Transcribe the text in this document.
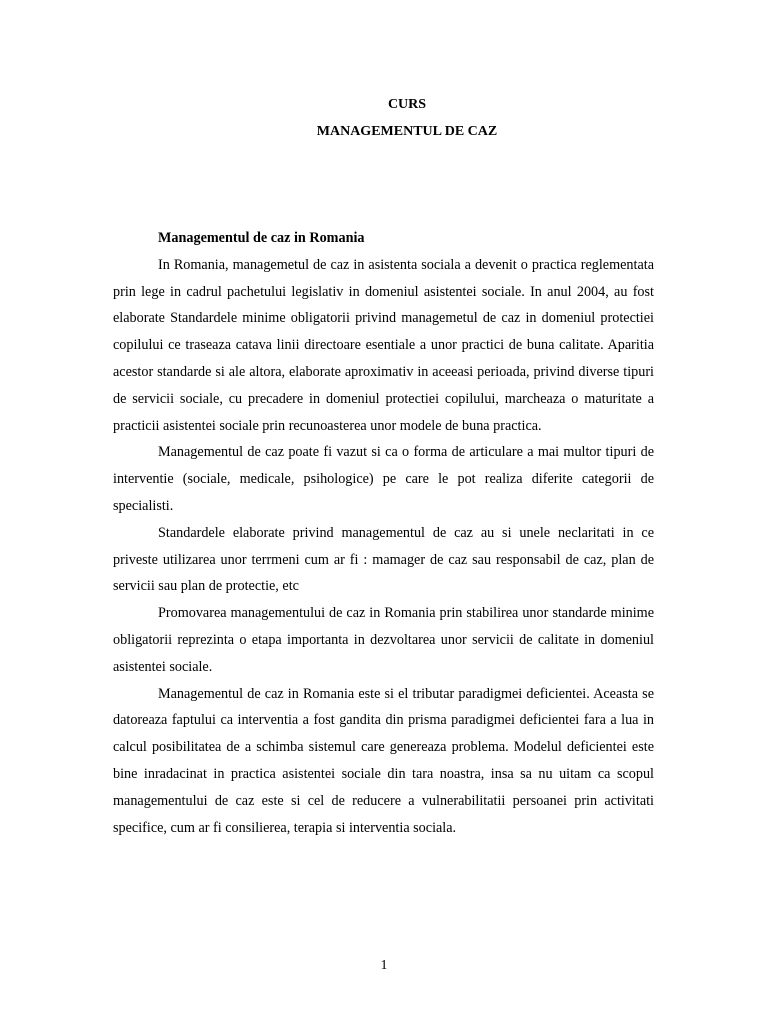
CURS
MANAGEMENTUL DE CAZ

Managementul de caz in Romania

In Romania, managemetul de caz in asistenta sociala a devenit o practica reglementata prin lege in cadrul pachetului legislativ in domeniul asistentei sociale. In anul 2004, au fost elaborate Standardele minime obligatorii privind managemetul de caz in domeniul protectiei copilului ce traseaza catava linii directoare esentiale a unor practici de buna calitate. Aparitia acestor standarde si ale altora, elaborate aproximativ in aceeasi perioada, privind diverse tipuri de servicii sociale, cu precadere in domeniul protectiei copilului, marcheaza o maturitate a practicii asistentei sociale prin recunoasterea unor modele de buna practica.

Managementul de caz poate fi vazut si ca o forma de articulare a mai multor tipuri de interventie (sociale, medicale, psihologice) pe care le pot realiza diferite categorii de specialisti.

Standardele elaborate privind managementul de caz au si unele neclaritati in ce priveste utilizarea unor terrmeni cum ar fi : mamager de caz sau responsabil de caz, plan de servicii sau plan de protectie, etc

Promovarea managementului de caz in Romania prin stabilirea unor standarde minime obligatorii reprezinta o etapa importanta in dezvoltarea unor servicii de calitate in domeniul asistentei sociale.

Managementul de caz in Romania este si el tributar paradigmei deficientei. Aceasta se datoreaza faptului ca interventia a fost gandita din prisma paradigmei deficientei fara a lua in calcul posibilitatea de a schimba sistemul care genereaza problema. Modelul deficientei este bine inradacinat in practica asistentei sociale din tara noastra, insa sa nu uitam ca scopul managementului de caz este si cel de reducere a vulnerabilitatii persoanei prin activitati specifice, cum ar fi consilierea, terapia si interventia sociala.

1
